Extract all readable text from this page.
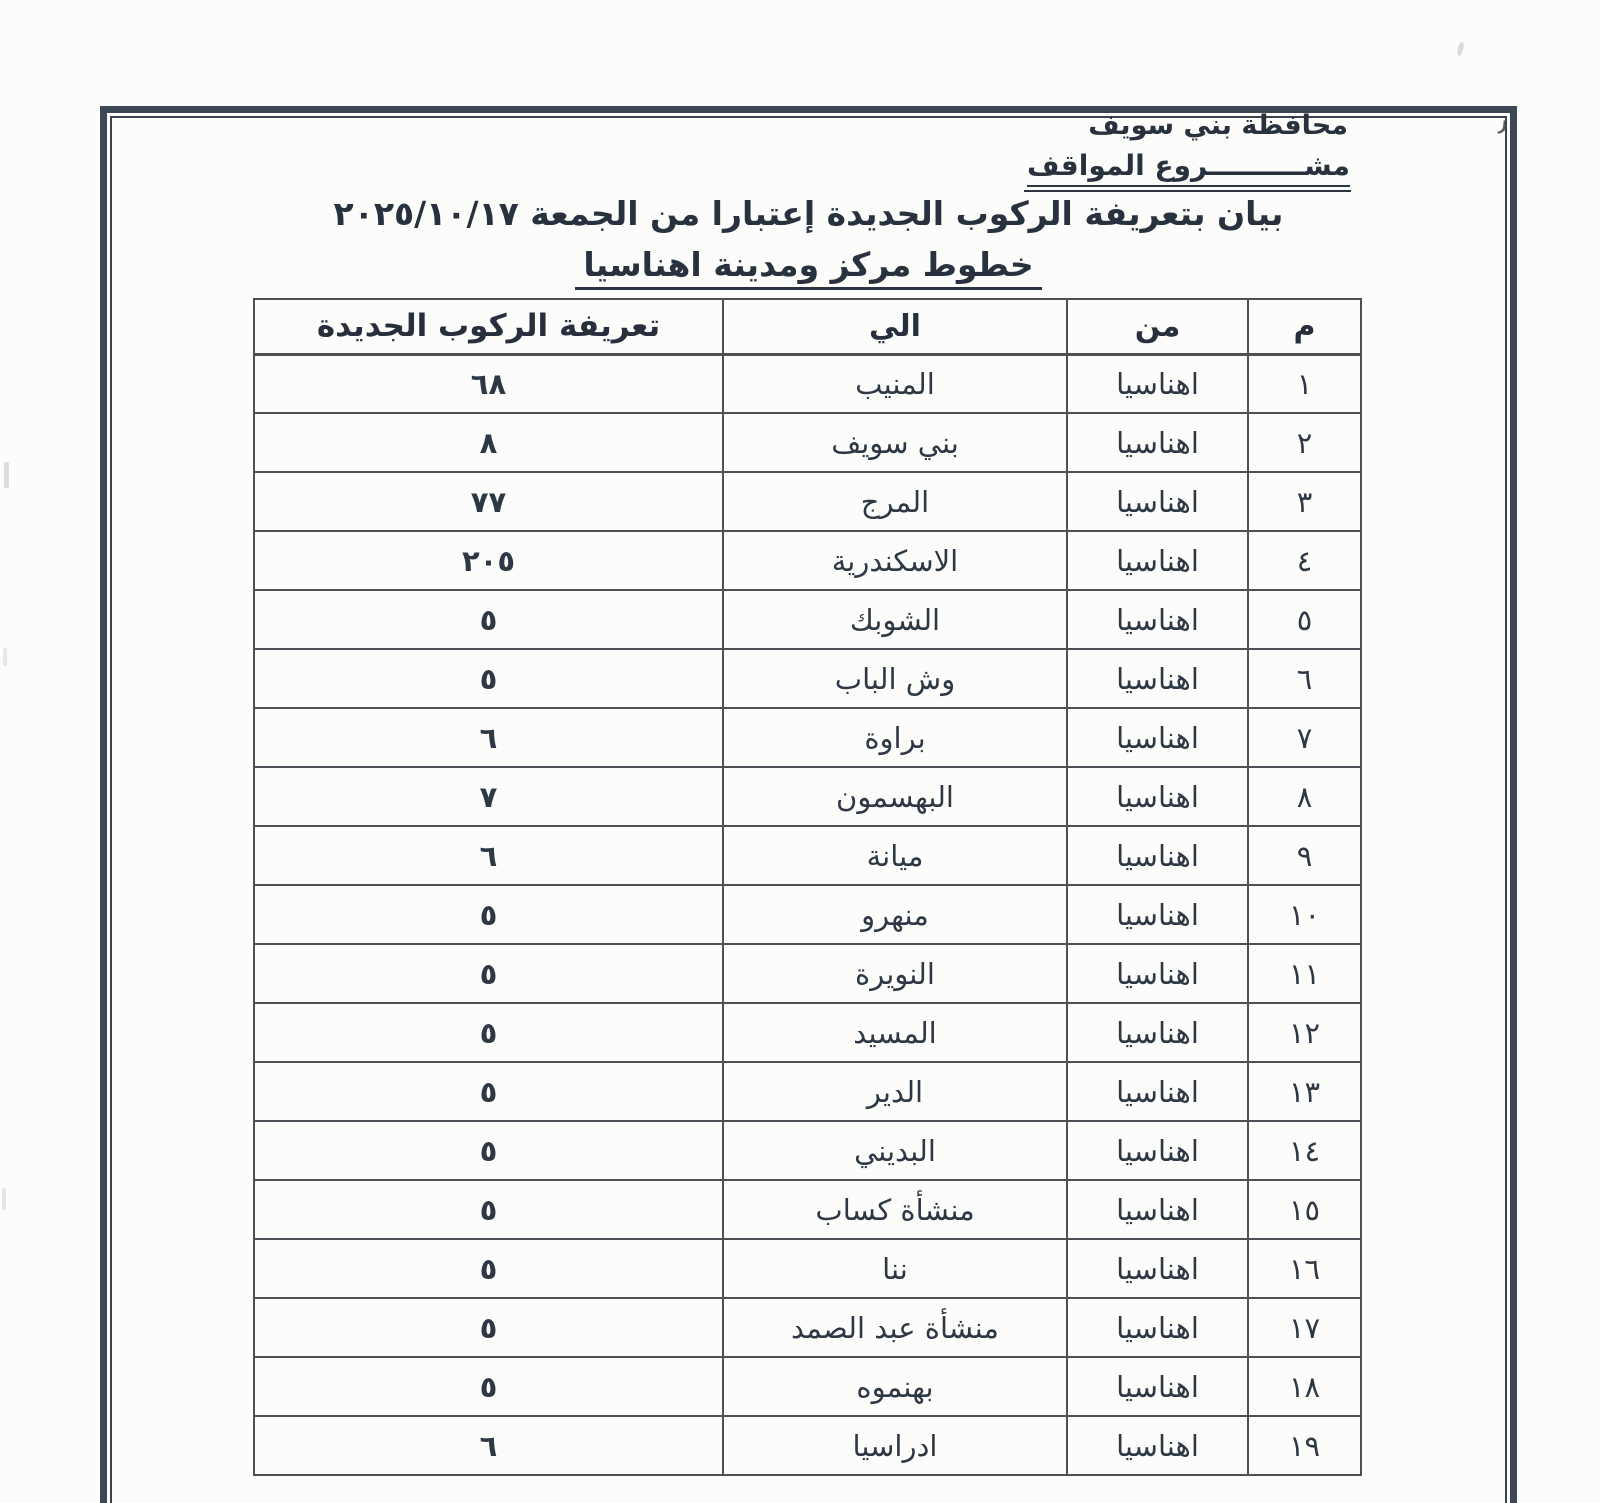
محافظة بني سويف
مشــــــــــروع المواقف
بيان بتعريفة الركوب الجديدة إعتبارا من الجمعة ٢٠٢٥/١٠/١٧
خطوط مركز ومدينة اهناسيا
م	من	الي	تعريفة الركوب الجديدة
١	اهناسيا	المنيب	٦٨
٢	اهناسيا	بني سويف	٨
٣	اهناسيا	المرج	٧٧
٤	اهناسيا	الاسكندرية	٢٠٥
٥	اهناسيا	الشوبك	٥
٦	اهناسيا	وش الباب	٥
٧	اهناسيا	براوة	٦
٨	اهناسيا	البهسمون	٧
٩	اهناسيا	ميانة	٦
١٠	اهناسيا	منهرو	٥
١١	اهناسيا	النويرة	٥
١٢	اهناسيا	المسيد	٥
١٣	اهناسيا	الدير	٥
١٤	اهناسيا	البديني	٥
١٥	اهناسيا	منشأة كساب	٥
١٦	اهناسيا	ننا	٥
١٧	اهناسيا	منشأة عبد الصمد	٥
١٨	اهناسيا	بهنموه	٥
١٩	اهناسيا	ادراسيا	٦
